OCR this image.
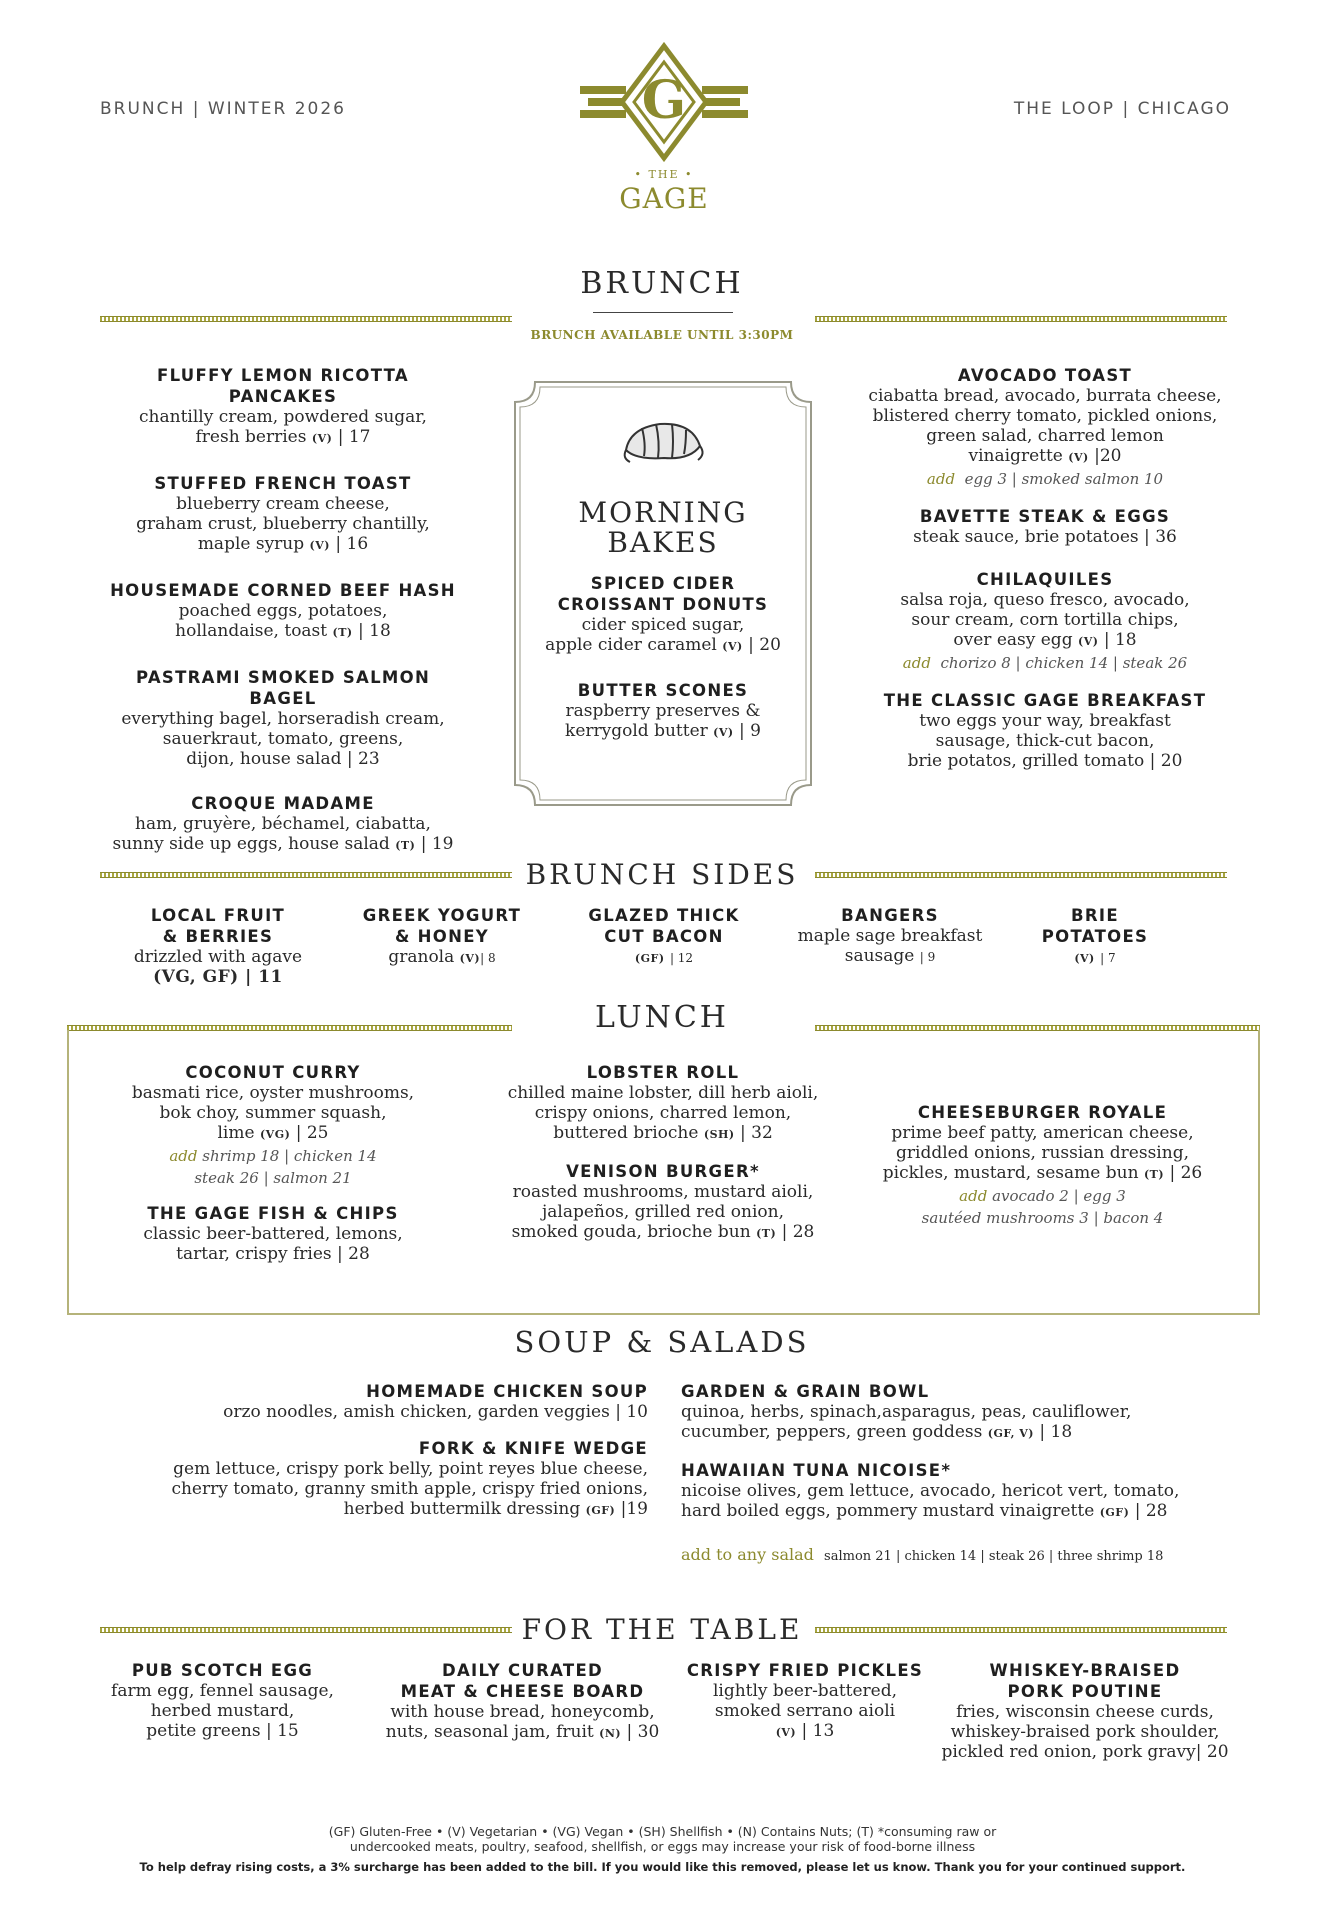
BRUNCH | WINTER 2026	THE LOOP | CHICAGO
G
• THE •
GAGE
BRUNCH
BRUNCH AVAILABLE UNTIL 3:30PM
FLUFFY LEMON RICOTTA PANCAKES
chantilly cream, powdered sugar,
fresh berries (V) | 17
STUFFED FRENCH TOAST
blueberry cream cheese,
graham crust, blueberry chantilly,
maple syrup (V) | 16
HOUSEMADE CORNED BEEF HASH
poached eggs, potatoes,
hollandaise, toast (T) | 18
PASTRAMI SMOKED SALMON BAGEL
everything bagel, horseradish cream,
sauerkraut, tomato, greens,
dijon, house salad | 23
CROQUE MADAME
ham, gruyère, béchamel, ciabatta,
sunny side up eggs, house salad (T) | 19
MORNING
BAKES
SPICED CIDER
CROISSANT DONUTS
cider spiced sugar,
apple cider caramel (V) | 20
BUTTER SCONES
raspberry preserves &
kerrygold butter (V) | 9
AVOCADO TOAST
ciabatta bread, avocado, burrata cheese,
blistered cherry tomato, pickled onions,
green salad, charred lemon
vinaigrette (V) |20
add egg 3 | smoked salmon 10
BAVETTE STEAK & EGGS
steak sauce, brie potatoes | 36
CHILAQUILES
salsa roja, queso fresco, avocado,
sour cream, corn tortilla chips,
over easy egg (V) | 18
add chorizo 8 | chicken 14 | steak 26
THE CLASSIC GAGE BREAKFAST
two eggs your way, breakfast
sausage, thick-cut bacon,
brie potatos, grilled tomato | 20
BRUNCH SIDES
LOCAL FRUIT
& BERRIES
drizzled with agave
(VG, GF) | 11
GREEK YOGURT
& HONEY
granola (V)| 8
GLAZED THICK
CUT BACON
(GF) | 12
BANGERS
maple sage breakfast
sausage | 9
BRIE
POTATOES
(V) | 7
LUNCH
COCONUT CURRY
basmati rice, oyster mushrooms,
bok choy, summer squash,
lime (VG) | 25
add shrimp 18 | chicken 14
steak 26 | salmon 21
THE GAGE FISH & CHIPS
classic beer-battered, lemons,
tartar, crispy fries | 28
LOBSTER ROLL
chilled maine lobster, dill herb aioli,
crispy onions, charred lemon,
buttered brioche (SH) | 32
VENISON BURGER*
roasted mushrooms, mustard aioli,
jalapeños, grilled red onion,
smoked gouda, brioche bun (T) | 28
CHEESEBURGER ROYALE
prime beef patty, american cheese,
griddled onions, russian dressing,
pickles, mustard, sesame bun (T) | 26
add avocado 2 | egg 3
sautéed mushrooms 3 | bacon 4
SOUP & SALADS
HOMEMADE CHICKEN SOUP
orzo noodles, amish chicken, garden veggies | 10
FORK & KNIFE WEDGE
gem lettuce, crispy pork belly, point reyes blue cheese,
cherry tomato, granny smith apple, crispy fried onions,
herbed buttermilk dressing (GF) |19
GARDEN & GRAIN BOWL
quinoa, herbs, spinach,asparagus, peas, cauliflower,
cucumber, peppers, green goddess (GF, V) | 18
HAWAIIAN TUNA NICOISE*
nicoise olives, gem lettuce, avocado, hericot vert, tomato,
hard boiled eggs, pommery mustard vinaigrette (GF) | 28
add to any salad salmon 21 | chicken 14 | steak 26 | three shrimp 18
FOR THE TABLE
PUB SCOTCH EGG
farm egg, fennel sausage,
herbed mustard,
petite greens | 15
DAILY CURATED
MEAT & CHEESE BOARD
with house bread, honeycomb,
nuts, seasonal jam, fruit (N) | 30
CRISPY FRIED PICKLES
lightly beer-battered,
smoked serrano aioli
(V) | 13
WHISKEY-BRAISED
PORK POUTINE
fries, wisconsin cheese curds,
whiskey-braised pork shoulder,
pickled red onion, pork gravy| 20
(GF) Gluten-Free • (V) Vegetarian • (VG) Vegan • (SH) Shellfish • (N) Contains Nuts; (T) *consuming raw or
undercooked meats, poultry, seafood, shellfish, or eggs may increase your risk of food-borne illness
To help defray rising costs, a 3% surcharge has been added to the bill. If you would like this removed, please let us know. Thank you for your continued support.
